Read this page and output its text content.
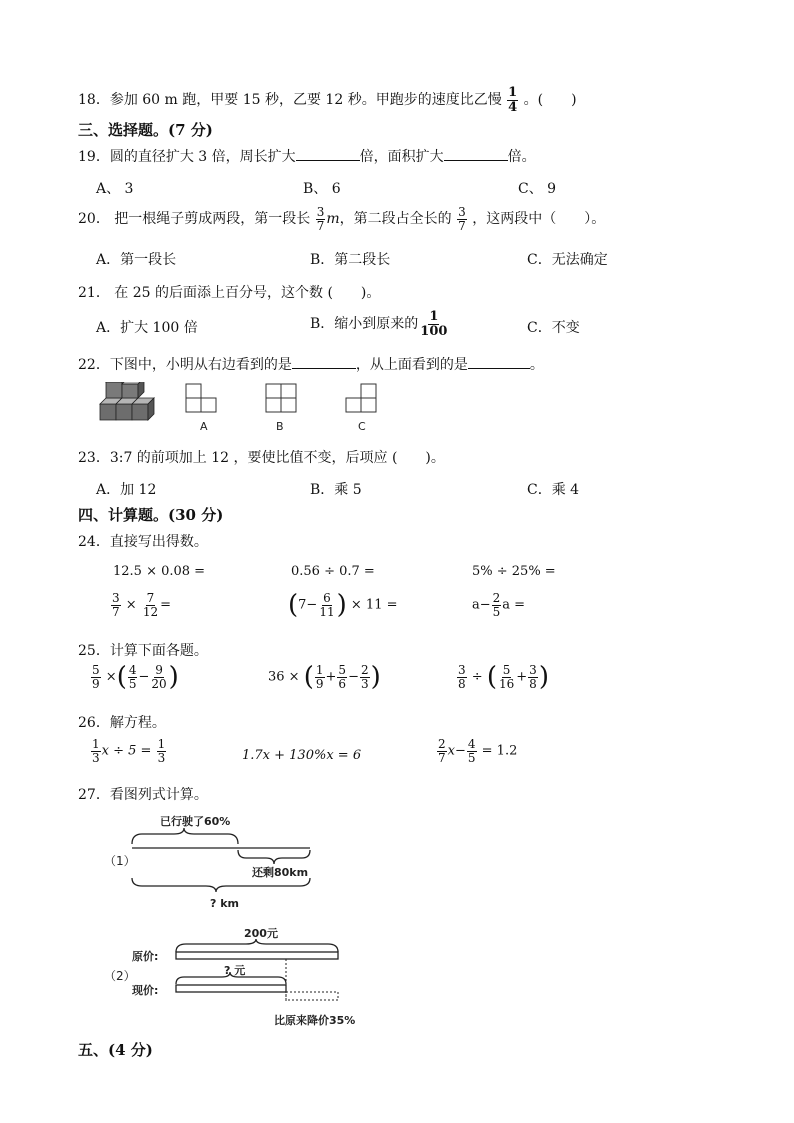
18．参加 60 m 跑，甲要 15 秒，乙要 12 秒。甲跑步的速度比乙慢 $\frac{1}{4}$ 。(　　)
三、选择题。(7 分)
19．圆的直径扩大 3 倍，周长扩大	倍，面积扩大	倍。
A、 3	B、 6	C、 9
20． 把一根绳子剪成两段，第一段长 $\frac{3}{7}$ m，第二段占全长的 $\frac{3}{7}$ ，这两段中（　　）。
A．第一段长	B．第二段长	C．无法确定
21． 在 25 的后面添上百分号，这个数 (　　)。
A．扩大 100 倍	B．缩小到原来的 $\frac{1}{100}$	C．不变
22．下图中，小明从右边看到的是	，从上面看到的是	。
A	B	C
23．3:7 的前项加上 12 ，要使比值不变，后项应 (　　)。
A．加 12	B．乘 5	C．乘 4
四、计算题。(30 分)
24．直接写出得数。
12.5 × 0.08 =	0.56 ÷ 0.7 =	5% ÷ 25% =
$\frac{3}{7} \times \frac{7}{12}$ =	($7- \frac{6}{11}$ ) × 11 =	$a- \frac{2}{5}$ a =
25．计算下面各题。
$\frac{5}{9}$ ×( $\frac{4}{5} - \frac{9}{20}$ )	36 × ( $\frac{1}{9} + \frac{5}{6} - \frac{2}{3}$ )	$\frac{3}{8}$ ÷ ( $\frac{5}{16} + \frac{3}{8}$ )
26．解方程。
$\frac{1}{3}$ $x \div 5 = \frac{1}{3}$	1.7x + 130%x = 6	$\frac{2}{7} x- \frac{4}{5} = 1.2$
27．看图列式计算。
（1）
已行驶了60%
还剩80km
? km
200元
原价:
? 元
现价:
比原来降价35%
（2）
五、(4 分)
